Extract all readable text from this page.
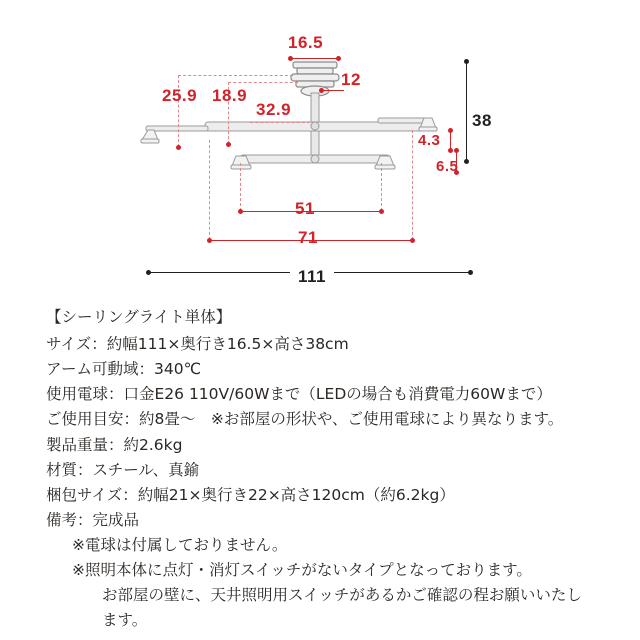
16.5
12
25.9 18.9
32.9
38
4.3
6.5
51
71
111
【シーリングライト単体】
サイズ：約幅111×奥行き16.5×高さ38cm
アーム可動域：340℃
使用電球：口金E26 110V/60Wまで（LEDの場合も消費電力60Wまで）
ご使用目安：約8畳～　※お部屋の形状や、ご使用電球により異なります。
製品重量：約2.6kg
材質：スチール、真鍮
梱包サイズ：約幅21×奥行き22×高さ120cm（約6.2kg）
備考：完成品
※電球は付属しておりません。
※照明本体に点灯・消灯スイッチがないタイプとなっております。
お部屋の壁に、天井照明用スイッチがあるかご確認の程お願いいたします。
